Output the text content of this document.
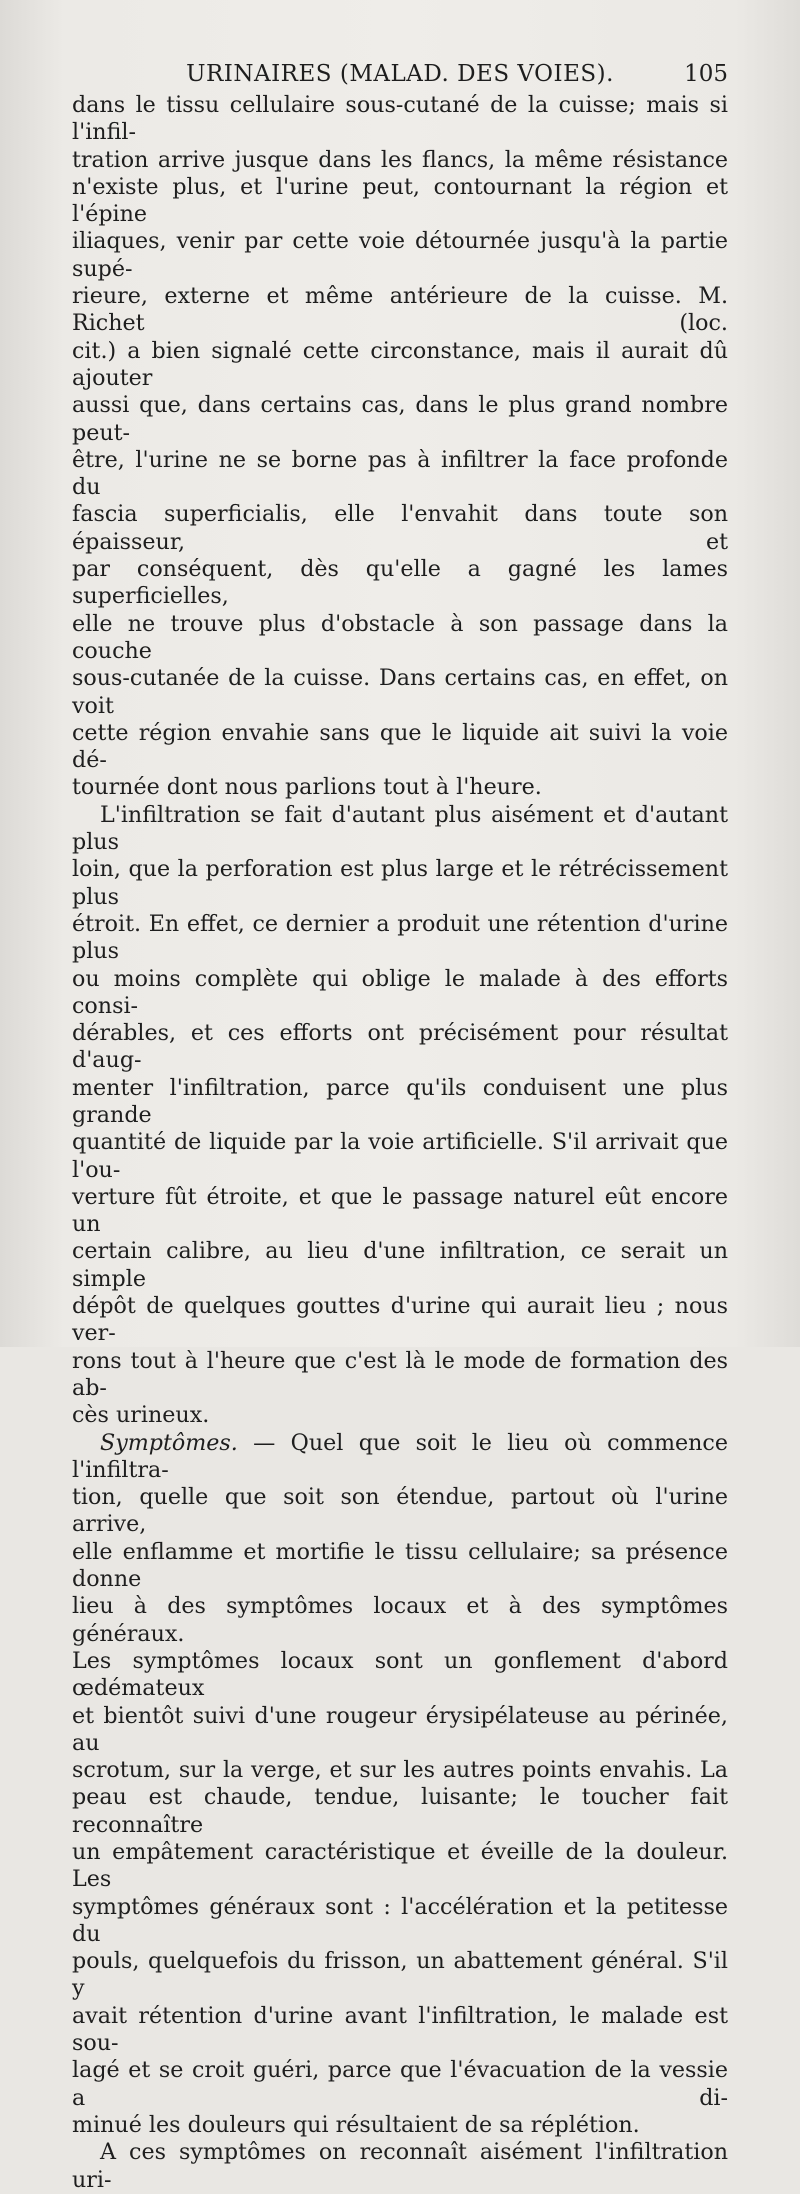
URINAIRES (MALAD. DES VOIES).	105

dans le tissu cellulaire sous-cutané de la cuisse; mais si l'infil-

tration arrive jusque dans les flancs, la même résistance

n'existe plus, et l'urine peut, contournant la région et l'épine

iliaques, venir par cette voie détournée jusqu'à la partie supé-

rieure, externe et même antérieure de la cuisse. M. Richet (loc.

cit.) a bien signalé cette circonstance, mais il aurait dû ajouter

aussi que, dans certains cas, dans le plus grand nombre peut-

être, l'urine ne se borne pas à infiltrer la face profonde du

fascia superficialis, elle l'envahit dans toute son épaisseur, et

par conséquent, dès qu'elle a gagné les lames superficielles,

elle ne trouve plus d'obstacle à son passage dans la couche

sous-cutanée de la cuisse. Dans certains cas, en effet, on voit

cette région envahie sans que le liquide ait suivi la voie dé-

tournée dont nous parlions tout à l'heure.

L'infiltration se fait d'autant plus aisément et d'autant plus

loin, que la perforation est plus large et le rétrécissement plus

étroit. En effet, ce dernier a produit une rétention d'urine plus

ou moins complète qui oblige le malade à des efforts consi-

dérables, et ces efforts ont précisément pour résultat d'aug-

menter l'infiltration, parce qu'ils conduisent une plus grande

quantité de liquide par la voie artificielle. S'il arrivait que l'ou-

verture fût étroite, et que le passage naturel eût encore un

certain calibre, au lieu d'une infiltration, ce serait un simple

dépôt de quelques gouttes d'urine qui aurait lieu ; nous ver-

rons tout à l'heure que c'est là le mode de formation des ab-

cès urineux.

Symptômes. — Quel que soit le lieu où commence l'infiltra-

tion, quelle que soit son étendue, partout où l'urine arrive,

elle enflamme et mortifie le tissu cellulaire; sa présence donne

lieu à des symptômes locaux et à des symptômes généraux.

Les symptômes locaux sont un gonflement d'abord œdémateux

et bientôt suivi d'une rougeur érysipélateuse au périnée, au

scrotum, sur la verge, et sur les autres points envahis. La

peau est chaude, tendue, luisante; le toucher fait reconnaître

un empâtement caractéristique et éveille de la douleur. Les

symptômes généraux sont : l'accélération et la petitesse du

pouls, quelquefois du frisson, un abattement général. S'il y

avait rétention d'urine avant l'infiltration, le malade est sou-

lagé et se croit guéri, parce que l'évacuation de la vessie a di-

minué les douleurs qui résultaient de sa réplétion.

A ces symptômes on reconnaît aisément l'infiltration uri-
